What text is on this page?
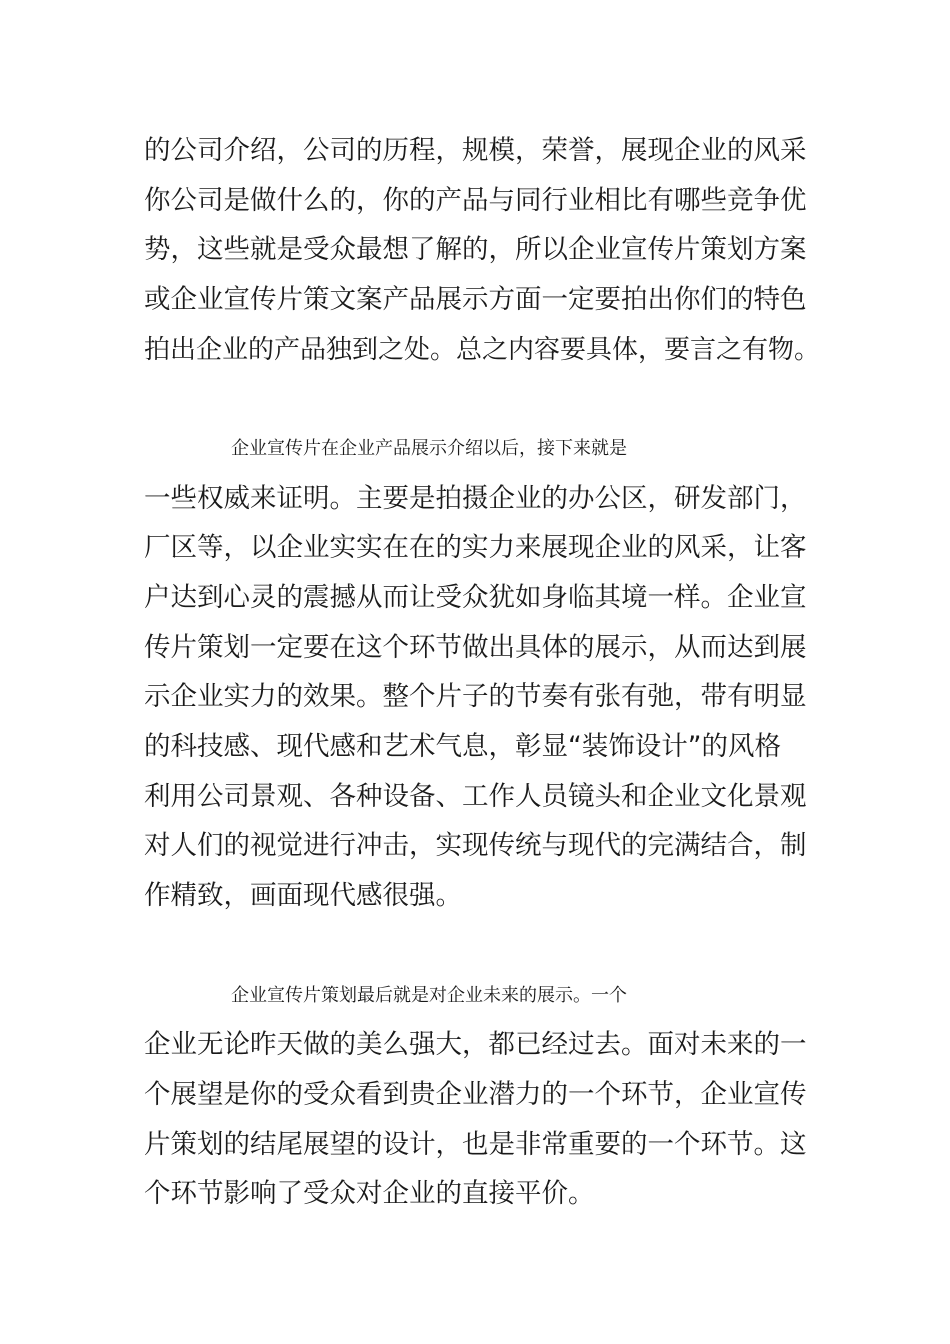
的公司介绍，公司的历程，规模，荣誉，展现企业的风采
你公司是做什么的，你的产品与同行业相比有哪些竞争优
势，这些就是受众最想了解的，所以企业宣传片策划方案
或企业宣传片策文案产品展示方面一定要拍出你们的特色
拍出企业的产品独到之处。总之内容要具体，要言之有物。
企业宣传片在企业产品展示介绍以后，接下来就是
一些权威来证明。主要是拍摄企业的办公区，研发部门，
厂区等，以企业实实在在的实力来展现企业的风采，让客
户达到心灵的震撼从而让受众犹如身临其境一样。企业宣
传片策划一定要在这个环节做出具体的展示，从而达到展
示企业实力的效果。整个片子的节奏有张有弛，带有明显
的科技感、现代感和艺术气息，彰显“装饰设计”的风格
利用公司景观、各种设备、工作人员镜头和企业文化景观
对人们的视觉进行冲击，实现传统与现代的完满结合，制
作精致，画面现代感很强。
企业宣传片策划最后就是对企业未来的展示。一个
企业无论昨天做的美么强大，都已经过去。面对未来的一
个展望是你的受众看到贵企业潜力的一个环节，企业宣传
片策划的结尾展望的设计，也是非常重要的一个环节。这
个环节影响了受众对企业的直接平价。
